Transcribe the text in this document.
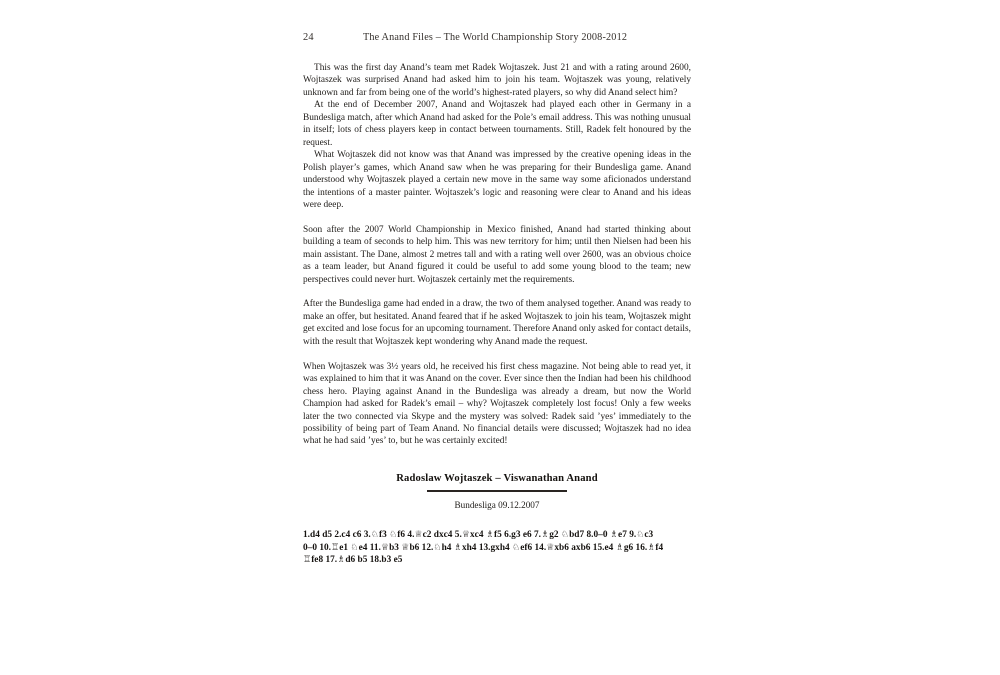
24	The Anand Files – The World Championship Story 2008-2012

This was the first day Anand’s team met Radek Wojtaszek. Just 21 and with a rating around 2600, Wojtaszek was surprised Anand had asked him to join his team. Wojtaszek was young, relatively unknown and far from being one of the world’s highest-rated players, so why did Anand select him?

At the end of December 2007, Anand and Wojtaszek had played each other in Germany in a Bundesliga match, after which Anand had asked for the Pole’s email address. This was nothing unusual in itself; lots of chess players keep in contact between tournaments. Still, Radek felt honoured by the request.

What Wojtaszek did not know was that Anand was impressed by the creative opening ideas in the Polish player’s games, which Anand saw when he was preparing for their Bundesliga game. Anand understood why Wojtaszek played a certain new move in the same way some aficionados understand the intentions of a master painter. Wojtaszek’s logic and reasoning were clear to Anand and his ideas were deep.

Soon after the 2007 World Championship in Mexico finished, Anand had started thinking about building a team of seconds to help him. This was new territory for him; until then Nielsen had been his main assistant. The Dane, almost 2 metres tall and with a rating well over 2600, was an obvious choice as a team leader, but Anand figured it could be useful to add some young blood to the team; new perspectives could never hurt. Wojtaszek certainly met the requirements.

After the Bundesliga game had ended in a draw, the two of them analysed together. Anand was ready to make an offer, but hesitated. Anand feared that if he asked Wojtaszek to join his team, Wojtaszek might get excited and lose focus for an upcoming tournament. Therefore Anand only asked for contact details, with the result that Wojtaszek kept wondering why Anand made the request.

When Wojtaszek was 3½ years old, he received his first chess magazine. Not being able to read yet, it was explained to him that it was Anand on the cover. Ever since then the Indian had been his childhood chess hero. Playing against Anand in the Bundesliga was already a dream, but now the World Champion had asked for Radek’s email – why? Wojtaszek completely lost focus! Only a few weeks later the two connected via Skype and the mystery was solved: Radek said ’yes’ immediately to the possibility of being part of Team Anand. No financial details were discussed; Wojtaszek had no idea what he had said ’yes’ to, but he was certainly excited!

Radoslaw Wojtaszek – Viswanathan Anand
Bundesliga 09.12.2007
1.d4 d5 2.c4 c6 3.♘f3 ♘f6 4.♕c2 dxc4 5.♕xc4 ♗f5 6.g3 e6 7.♗g2 ♘bd7 8.0–0 ♗e7 9.♘c3
0–0 10.♖e1 ♘e4 11.♕b3 ♕b6 12.♘h4 ♗xh4 13.gxh4 ♘ef6 14.♕xb6 axb6 15.e4 ♗g6 16.♗f4
♖fe8 17.♗d6 b5 18.b3 e5
